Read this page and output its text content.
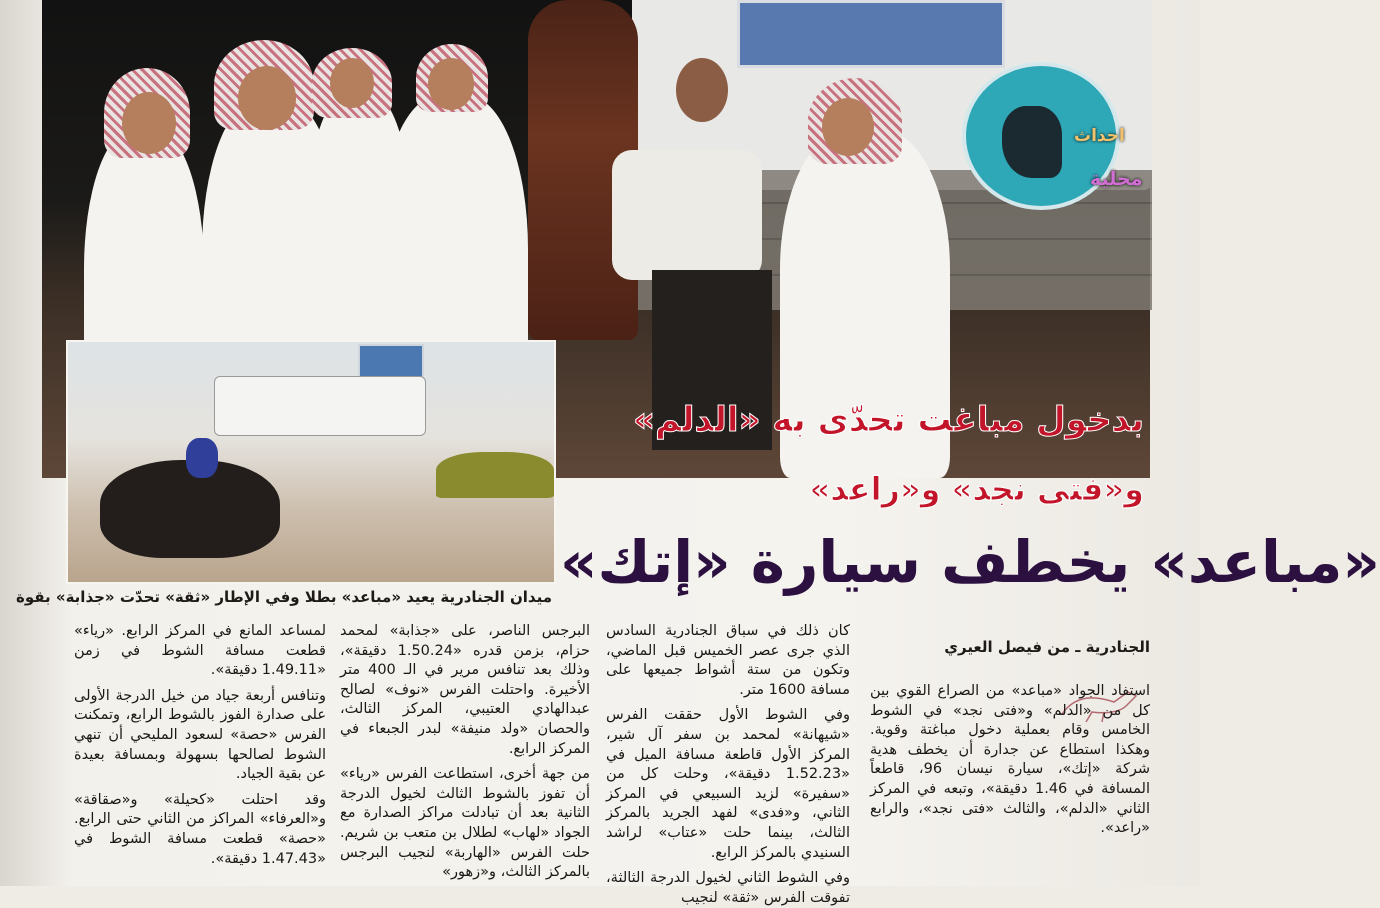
احداث
محلية
بدخول مباغت تحدّى به «الدلم»
و«فتى نجد» و«راعد»
«مباعد» يخطف سيارة «إتك»
ميدان الجنادرية يعيد «مباعد» بطلا وفي الإطار «ثقة» تحدّت «جذابة» بقوة
الجنادرية ـ من فيصل العيري

استفاد الجواد «مباعد» من الصراع القوي بين كل من «الدلم» و«فتى نجد» في الشوط الخامس وقام بعملية دخول مباغتة وقوية. وهكذا استطاع عن جدارة أن يخطف هدية شركة «إتك»، سيارة نيسان 96، قاطعاً المسافة في 1.46 دقيقة»، وتبعه في المركز الثاني «الدلم»، والثالث «فتى نجد»، والرابع «راعد».

كان ذلك في سباق الجنادرية السادس الذي جرى عصر الخميس قبل الماضي، وتكون من ستة أشواط جميعها على مسافة 1600 متر.

وفي الشوط الأول حققت الفرس «شيهانة» لمحمد بن سفر آل شير، المركز الأول قاطعة مسافة الميل في «1.52.23 دقيقة»، وحلت كل من «سفيرة» لزيد السبيعي في المركز الثاني، و«فدى» لفهد الجريد بالمركز الثالث، بينما حلت «عتاب» لراشد السنيدي بالمركز الرابع.

وفي الشوط الثاني لخيول الدرجة الثالثة، تفوقت الفرس «ثقة» لنجيب

البرجس الناصر، على «جذابة» لمحمد حزام، بزمن قدره «1.50.24 دقيقة»، وذلك بعد تنافس مرير في الـ 400 متر الأخيرة. واحتلت الفرس «نوف» لصالح عبدالهادي العتيبي، المركز الثالث، والحصان «ولد منيفة» لبدر الجبعاء في المركز الرابع.

من جهة أخرى، استطاعت الفرس «رياء» أن تفوز بالشوط الثالث لخيول الدرجة الثانية بعد أن تبادلت مراكز الصدارة مع الجواد «لهاب» لطلال بن متعب بن شريم. حلت الفرس «الهاربة» لنجيب البرجس بالمركز الثالث، و«زهور»

لمساعد المانع في المركز الرابع. «رياء» قطعت مسافة الشوط في زمن «1.49.11 دقيقة».

وتنافس أربعة جياد من خيل الدرجة الأولى على صدارة الفوز بالشوط الرابع، وتمكنت الفرس «حصة» لسعود المليحي أن تنهي الشوط لصالحها بسهولة وبمسافة بعيدة عن بقية الجياد.

وقد احتلت «كحيلة» و«صقاقة» و«العرفاء» المراكز من الثاني حتى الرابع. «حصة» قطعت مسافة الشوط في «1.47.43 دقيقة».
